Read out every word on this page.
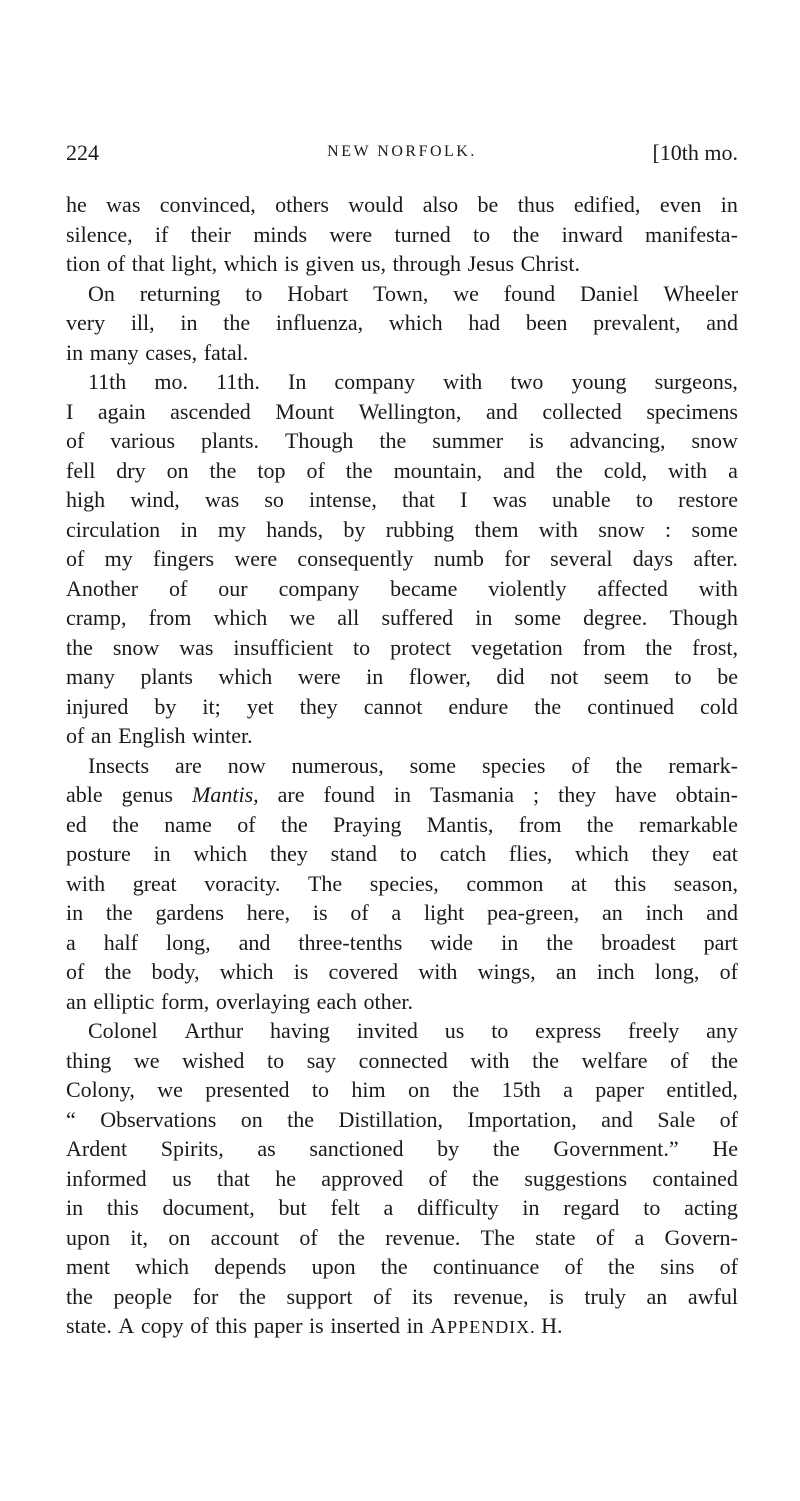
224	NEW NORFOLK.	[10th mo.
he was convinced, others would also be thus edified, even in
silence, if their minds were turned to the inward manifesta-
tion of that light, which is given us, through Jesus Christ.
On returning to Hobart Town, we found Daniel Wheeler
very ill, in the influenza, which had been prevalent, and
in many cases, fatal.
11th mo. 11th. In company with two young surgeons,
I again ascended Mount Wellington, and collected specimens
of various plants. Though the summer is advancing, snow
fell dry on the top of the mountain, and the cold, with a
high wind, was so intense, that I was unable to restore
circulation in my hands, by rubbing them with snow : some
of my fingers were consequently numb for several days after.
Another of our company became violently affected with
cramp, from which we all suffered in some degree. Though
the snow was insufficient to protect vegetation from the frost,
many plants which were in flower, did not seem to be
injured by it; yet they cannot endure the continued cold
of an English winter.
Insects are now numerous, some species of the remark-
able genus Mantis, are found in Tasmania ; they have obtain-
ed the name of the Praying Mantis, from the remarkable
posture in which they stand to catch flies, which they eat
with great voracity. The species, common at this season,
in the gardens here, is of a light pea-green, an inch and
a half long, and three-tenths wide in the broadest part
of the body, which is covered with wings, an inch long, of
an elliptic form, overlaying each other.
Colonel Arthur having invited us to express freely any
thing we wished to say connected with the welfare of the
Colony, we presented to him on the 15th a paper entitled,
“ Observations on the Distillation, Importation, and Sale of
Ardent Spirits, as sanctioned by the Government.” He
informed us that he approved of the suggestions contained
in this document, but felt a difficulty in regard to acting
upon it, on account of the revenue. The state of a Govern-
ment which depends upon the continuance of the sins of
the people for the support of its revenue, is truly an awful
state. A copy of this paper is inserted in APPENDIX. H.
